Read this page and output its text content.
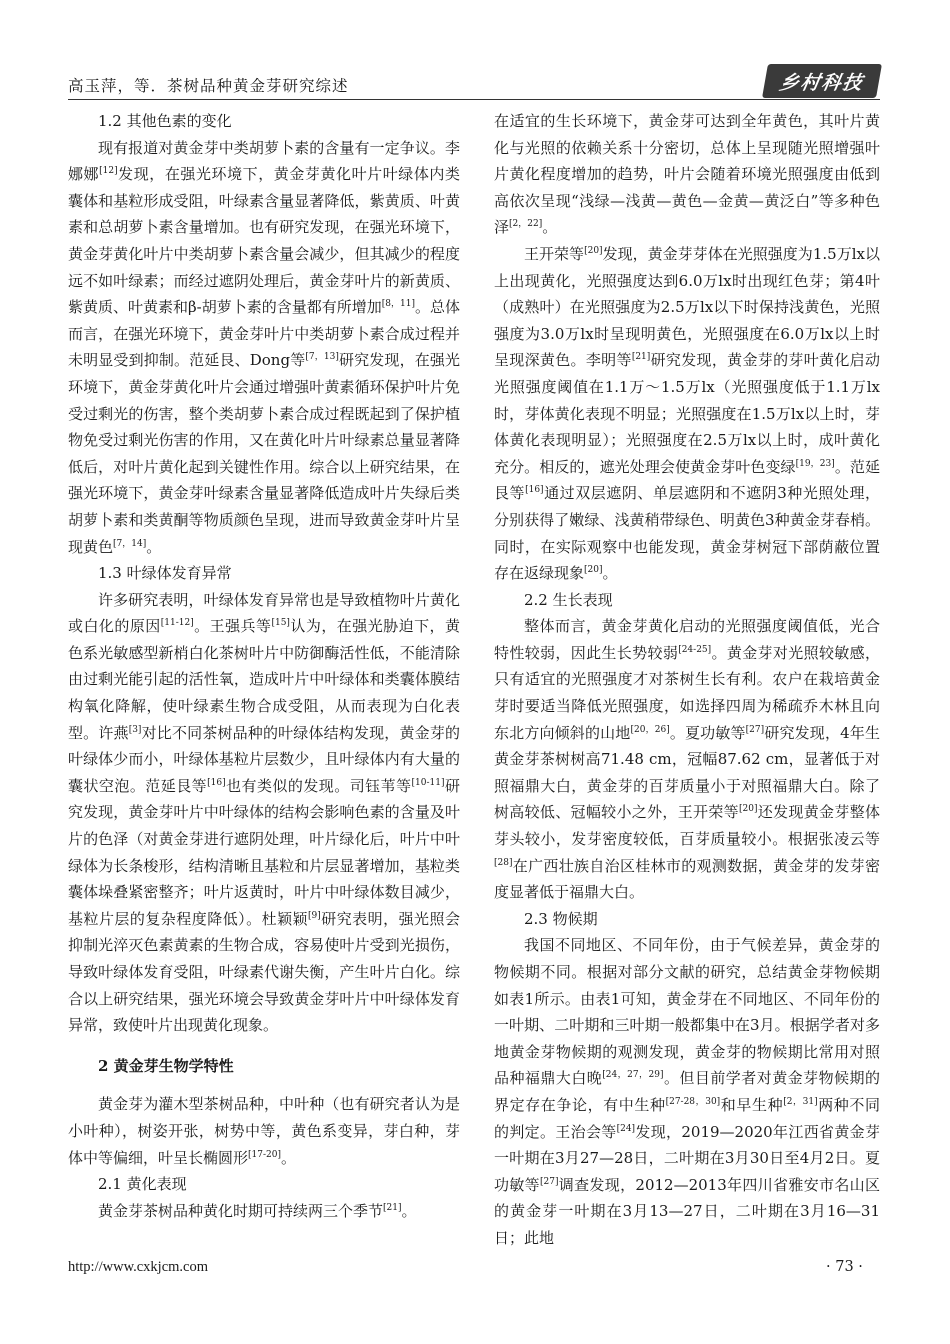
高玉萍，等．茶树品种黄金芽研究综述	乡村科技
1.2 其他色素的变化

现有报道对黄金芽中类胡萝卜素的含量有一定争议。李娜娜[12]发现，在强光环境下，黄金芽黄化叶片叶绿体内类囊体和基粒形成受阻，叶绿素含量显著降低，紫黄质、叶黄素和总胡萝卜素含量增加。也有研究发现，在强光环境下，黄金芽黄化叶片中类胡萝卜素含量会减少，但其减少的程度远不如叶绿素；而经过遮阴处理后，黄金芽叶片的新黄质、紫黄质、叶黄素和β-胡萝卜素的含量都有所增加[8，11]。总体而言，在强光环境下，黄金芽叶片中类胡萝卜素合成过程并未明显受到抑制。范延艮、Dong等[7，13]研究发现，在强光环境下，黄金芽黄化叶片会通过增强叶黄素循环保护叶片免受过剩光的伤害，整个类胡萝卜素合成过程既起到了保护植物免受过剩光伤害的作用，又在黄化叶片叶绿素总量显著降低后，对叶片黄化起到关键性作用。综合以上研究结果，在强光环境下，黄金芽叶绿素含量显著降低造成叶片失绿后类胡萝卜素和类黄酮等物质颜色呈现，进而导致黄金芽叶片呈现黄色[7，14]。

1.3 叶绿体发育异常

许多研究表明，叶绿体发育异常也是导致植物叶片黄化或白化的原因[11-12]。王强兵等[15]认为，在强光胁迫下，黄色系光敏感型新梢白化茶树叶片中防御酶活性低，不能清除由过剩光能引起的活性氧，造成叶片中叶绿体和类囊体膜结构氧化降解，使叶绿素生物合成受阻，从而表现为白化表型。许燕[3]对比不同茶树品种的叶绿体结构发现，黄金芽的叶绿体少而小，叶绿体基粒片层数少，且叶绿体内有大量的囊状空泡。范延艮等[16]也有类似的发现。司钰苇等[10-11]研究发现，黄金芽叶片中叶绿体的结构会影响色素的含量及叶片的色泽（对黄金芽进行遮阴处理，叶片绿化后，叶片中叶绿体为长条梭形，结构清晰且基粒和片层显著增加，基粒类囊体垛叠紧密整齐；叶片返黄时，叶片中叶绿体数目减少，基粒片层的复杂程度降低）。杜颖颖[9]研究表明，强光照会抑制光淬灭色素黄素的生物合成，容易使叶片受到光损伤，导致叶绿体发育受阻，叶绿素代谢失衡，产生叶片白化。综合以上研究结果，强光环境会导致黄金芽叶片中叶绿体发育异常，致使叶片出现黄化现象。

2 黄金芽生物学特性

黄金芽为灌木型茶树品种，中叶种（也有研究者认为是小叶种），树姿开张，树势中等，黄色系变异，芽白种，芽体中等偏细，叶呈长椭圆形[17-20]。

2.1 黄化表现

黄金芽茶树品种黄化时期可持续两三个季节[21]。

在适宜的生长环境下，黄金芽可达到全年黄色，其叶片黄化与光照的依赖关系十分密切，总体上呈现随光照增强叶片黄化程度增加的趋势，叶片会随着环境光照强度由低到高依次呈现“浅绿—浅黄—黄色—金黄—黄泛白”等多种色泽[2，22]。

王开荣等[20]发现，黄金芽芽体在光照强度为1.5万lx以上出现黄化，光照强度达到6.0万lx时出现红色芽；第4叶（成熟叶）在光照强度为2.5万lx以下时保持浅黄色，光照强度为3.0万lx时呈现明黄色，光照强度在6.0万lx以上时呈现深黄色。李明等[21]研究发现，黄金芽的芽叶黄化启动光照强度阈值在1.1万～1.5万lx（光照强度低于1.1万lx时，芽体黄化表现不明显；光照强度在1.5万lx以上时，芽体黄化表现明显）；光照强度在2.5万lx以上时，成叶黄化充分。相反的，遮光处理会使黄金芽叶色变绿[19，23]。范延艮等[16]通过双层遮阴、单层遮阴和不遮阴3种光照处理，分别获得了嫩绿、浅黄稍带绿色、明黄色3种黄金芽春梢。同时，在实际观察中也能发现，黄金芽树冠下部荫蔽位置存在返绿现象[20]。

2.2 生长表现

整体而言，黄金芽黄化启动的光照强度阈值低，光合特性较弱，因此生长势较弱[24-25]。黄金芽对光照较敏感，只有适宜的光照强度才对茶树生长有利。农户在栽培黄金芽时要适当降低光照强度，如选择四周为稀疏乔木林且向东北方向倾斜的山地[20，26]。夏功敏等[27]研究发现，4年生黄金芽茶树树高71.48 cm，冠幅87.62 cm，显著低于对照福鼎大白，黄金芽的百芽质量小于对照福鼎大白。除了树高较低、冠幅较小之外，王开荣等[20]还发现黄金芽整体芽头较小，发芽密度较低，百芽质量较小。根据张凌云等[28]在广西壮族自治区桂林市的观测数据，黄金芽的发芽密度显著低于福鼎大白。

2.3 物候期

我国不同地区、不同年份，由于气候差异，黄金芽的物候期不同。根据对部分文献的研究，总结黄金芽物候期如表1所示。由表1可知，黄金芽在不同地区、不同年份的一叶期、二叶期和三叶期一般都集中在3月。根据学者对多地黄金芽物候期的观测发现，黄金芽的物候期比常用对照品种福鼎大白晚[24，27，29]。但目前学者对黄金芽物候期的界定存在争论，有中生种[27-28，30]和早生种[2，31]两种不同的判定。王治会等[24]发现，2019—2020年江西省黄金芽一叶期在3月27—28日，二叶期在3月30日至4月2日。夏功敏等[27]调查发现，2012—2013年四川省雅安市名山区的黄金芽一叶期在3月13—27日，二叶期在3月16—31日；此地

http://www.cxkjcm.com	· 73 ·
